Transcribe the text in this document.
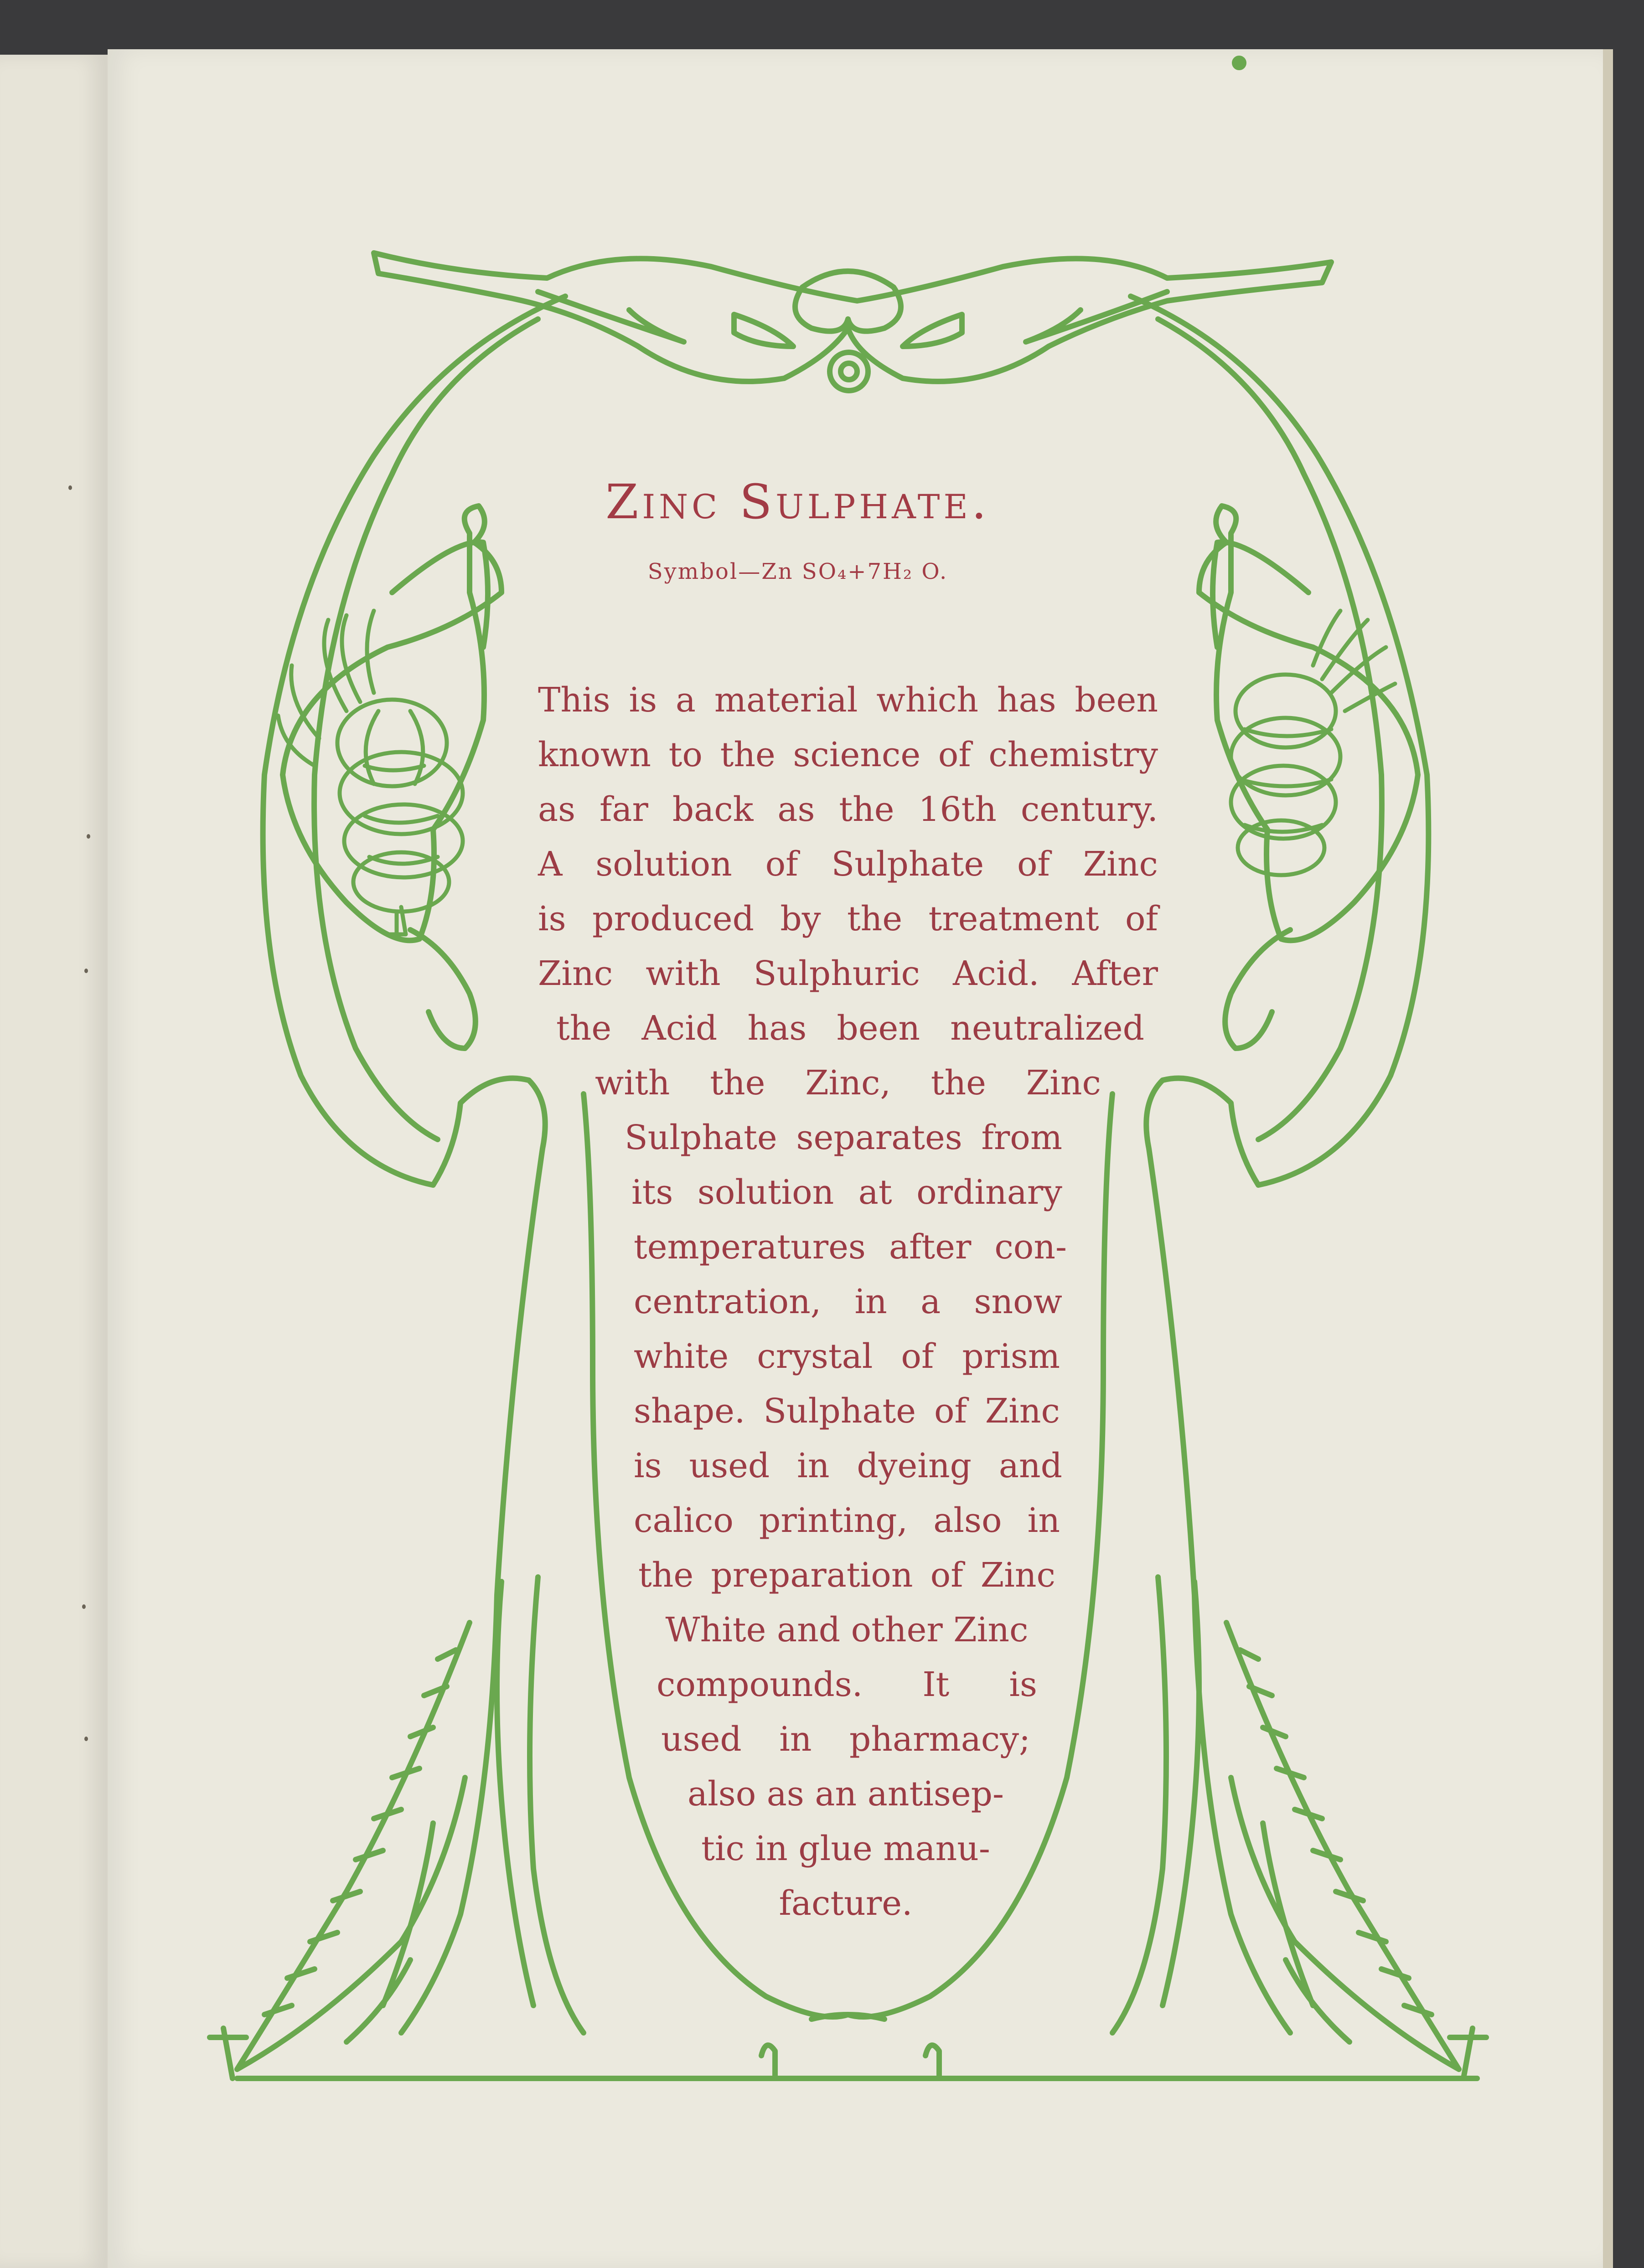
Zinc Sulphate.
Symbol—Zn SO₄+7H₂ O.
This is a material which has been
known to the science of chemistry
as far back as the 16th century.
A solution of Sulphate of Zinc
is produced by the treatment of
Zinc with Sulphuric Acid. After
the Acid has been neutralized
with the Zinc, the Zinc
Sulphate separates from
its solution at ordinary
temperatures after con-
centration, in a snow
white crystal of prism
shape. Sulphate of Zinc
is used in dyeing and
calico printing, also in
the preparation of Zinc
White and other Zinc
compounds. It is
used in pharmacy;
also as an antisep-
tic in glue manu-
facture.
